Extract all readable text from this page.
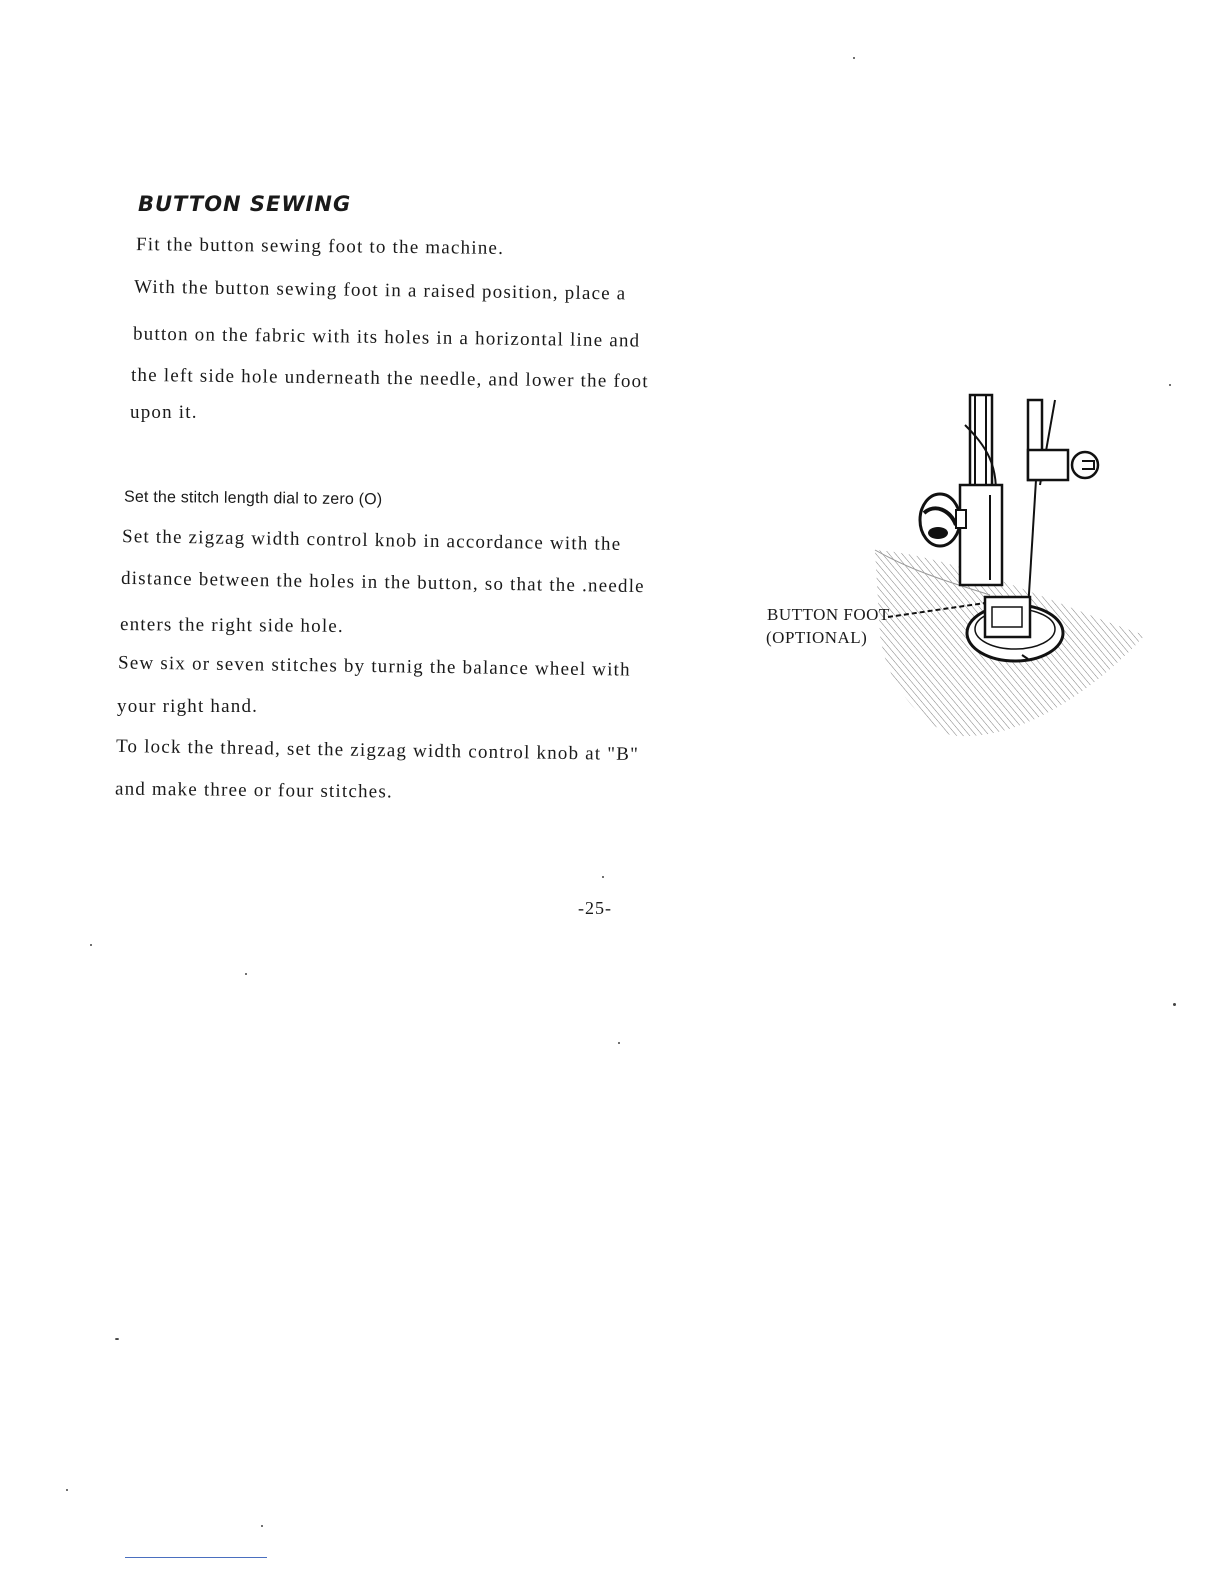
BUTTON SEWING
Fit the button sewing foot to the machine.
With the button sewing foot in a raised position, place a
button on the fabric with its holes in a horizontal line and
the left side hole underneath the needle, and lower the foot
upon it.
Set the stitch length dial to zero (O)
Set the zigzag width control knob in accordance with the
distance between the holes in the button, so that the .needle
enters the right side hole.
Sew six or seven stitches by turnig the balance wheel with
your right hand.
To lock the thread, set the zigzag width control knob at "B"
and make three or four stitches.
BUTTON FOOT
(OPTIONAL)
-25-
